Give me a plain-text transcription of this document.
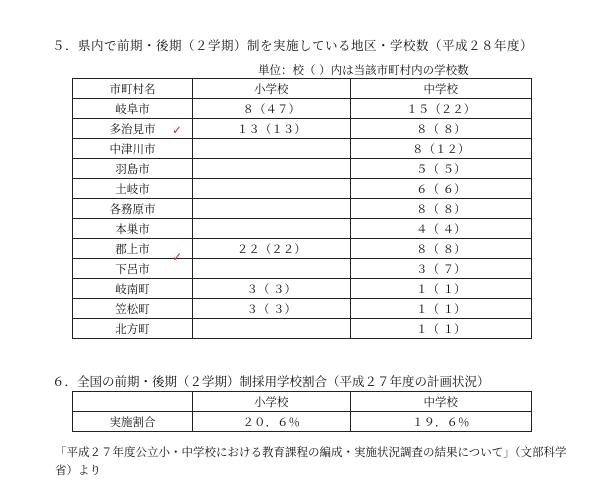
５．県内で前期・後期（２学期）制を実施している地区・学校数（平成２８年度）
単位：校（ ）内は当該市町村内の学校数
市町村名	小学校	中学校
岐阜市	８（４７）	１５（２２）
多治見市	１３（１３）	８（ ８）
中津川市		８（１２）
羽島市		５（ ５）
土岐市		６（ ６）
各務原市		８（ ８）
本巣市		４（ ４）
郡上市	２２（２２）	８（ ８）
下呂市		３（ ７）
岐南町	３（ ３）	１（ １）
笠松町	３（ ３）	１（ １）
北方町		１（ １）
✓
✓
６．全国の前期・後期（２学期）制採用学校割合（平成２７年度の計画状況）
	小学校	中学校
実施割合	２０．６％	１９．６％
「平成２７年度公立小・中学校における教育課程の編成・実施状況調査の結果について」（文部科学省）より
